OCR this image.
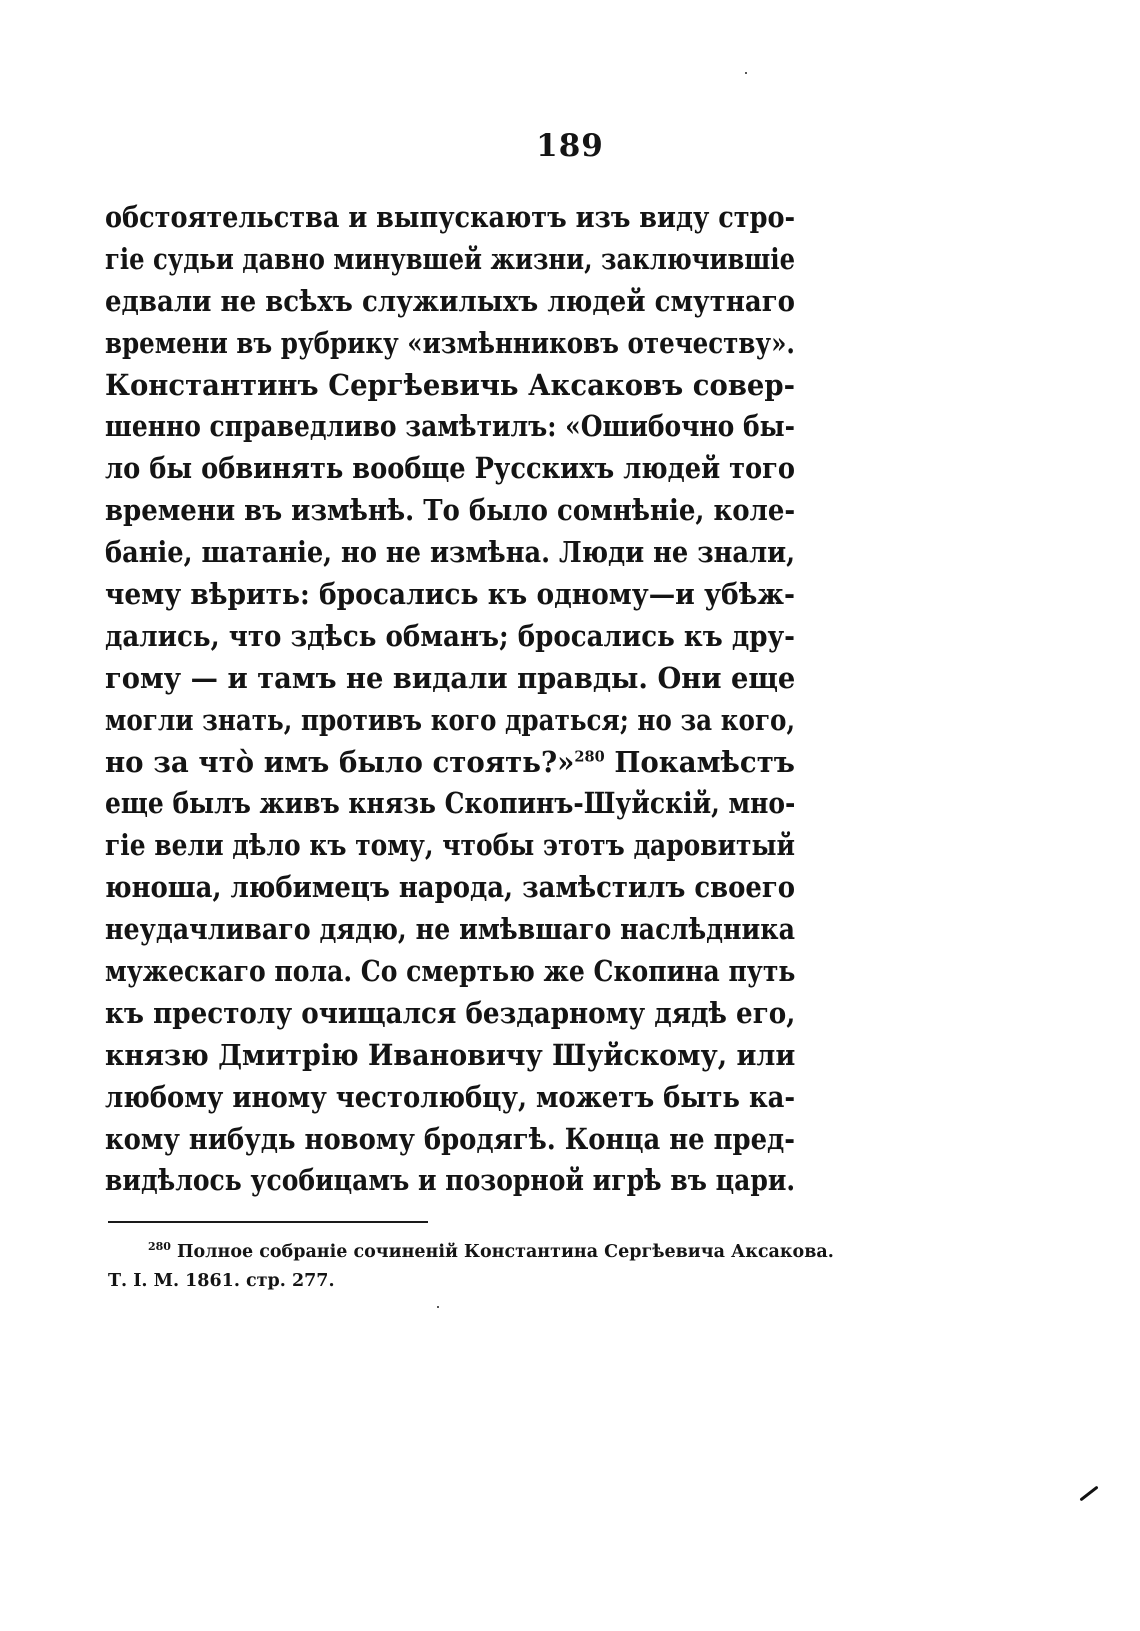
189
обстоятельства и выпускаютъ изъ виду стро-
гіе судьи давно минувшей жизни, заключившіе
едвали не всѣхъ служилыхъ людей смутнаго
времени въ рубрику «измѣнниковъ отечеству».
Константинъ Сергѣевичь Аксаковъ совер-
шенно справедливо замѣтилъ: «Ошибочно бы-
ло бы обвинять вообще Русскихъ людей того
времени въ измѣнѣ. То было сомнѣніе, коле-
баніе, шатаніе, но не измѣна. Люди не знали,
чему вѣрить: бросались къ одному—и убѣж-
дались, что здѣсь обманъ; бросались къ дру-
гому — и тамъ не видали правды. Они еще
могли знать, противъ кого драться; но за кого,
но за что̀ имъ было стоять?»$^{280}$ Покамѣстъ
еще былъ живъ князь Скопинъ-Шуйскій, мно-
гіе вели дѣло къ тому, чтобы этотъ даровитый
юноша, любимецъ народа, замѣстилъ своего
неудачливаго дядю, не имѣвшаго наслѣдника
мужескаго пола. Со смертью же Скопина путь
къ престолу очищался бездарному дядѣ его,
князю Дмитрію Ивановичу Шуйскому, или
любому иному честолюбцу, можетъ быть ка-
кому нибудь новому бродягѣ. Конца не пред-
видѣлось усобицамъ и позорной игрѣ въ цари.
$^{280}$ Полное собраніе сочиненій Константина Сергѣевича Аксакова.
Т. I. М. 1861. стр. 277.
